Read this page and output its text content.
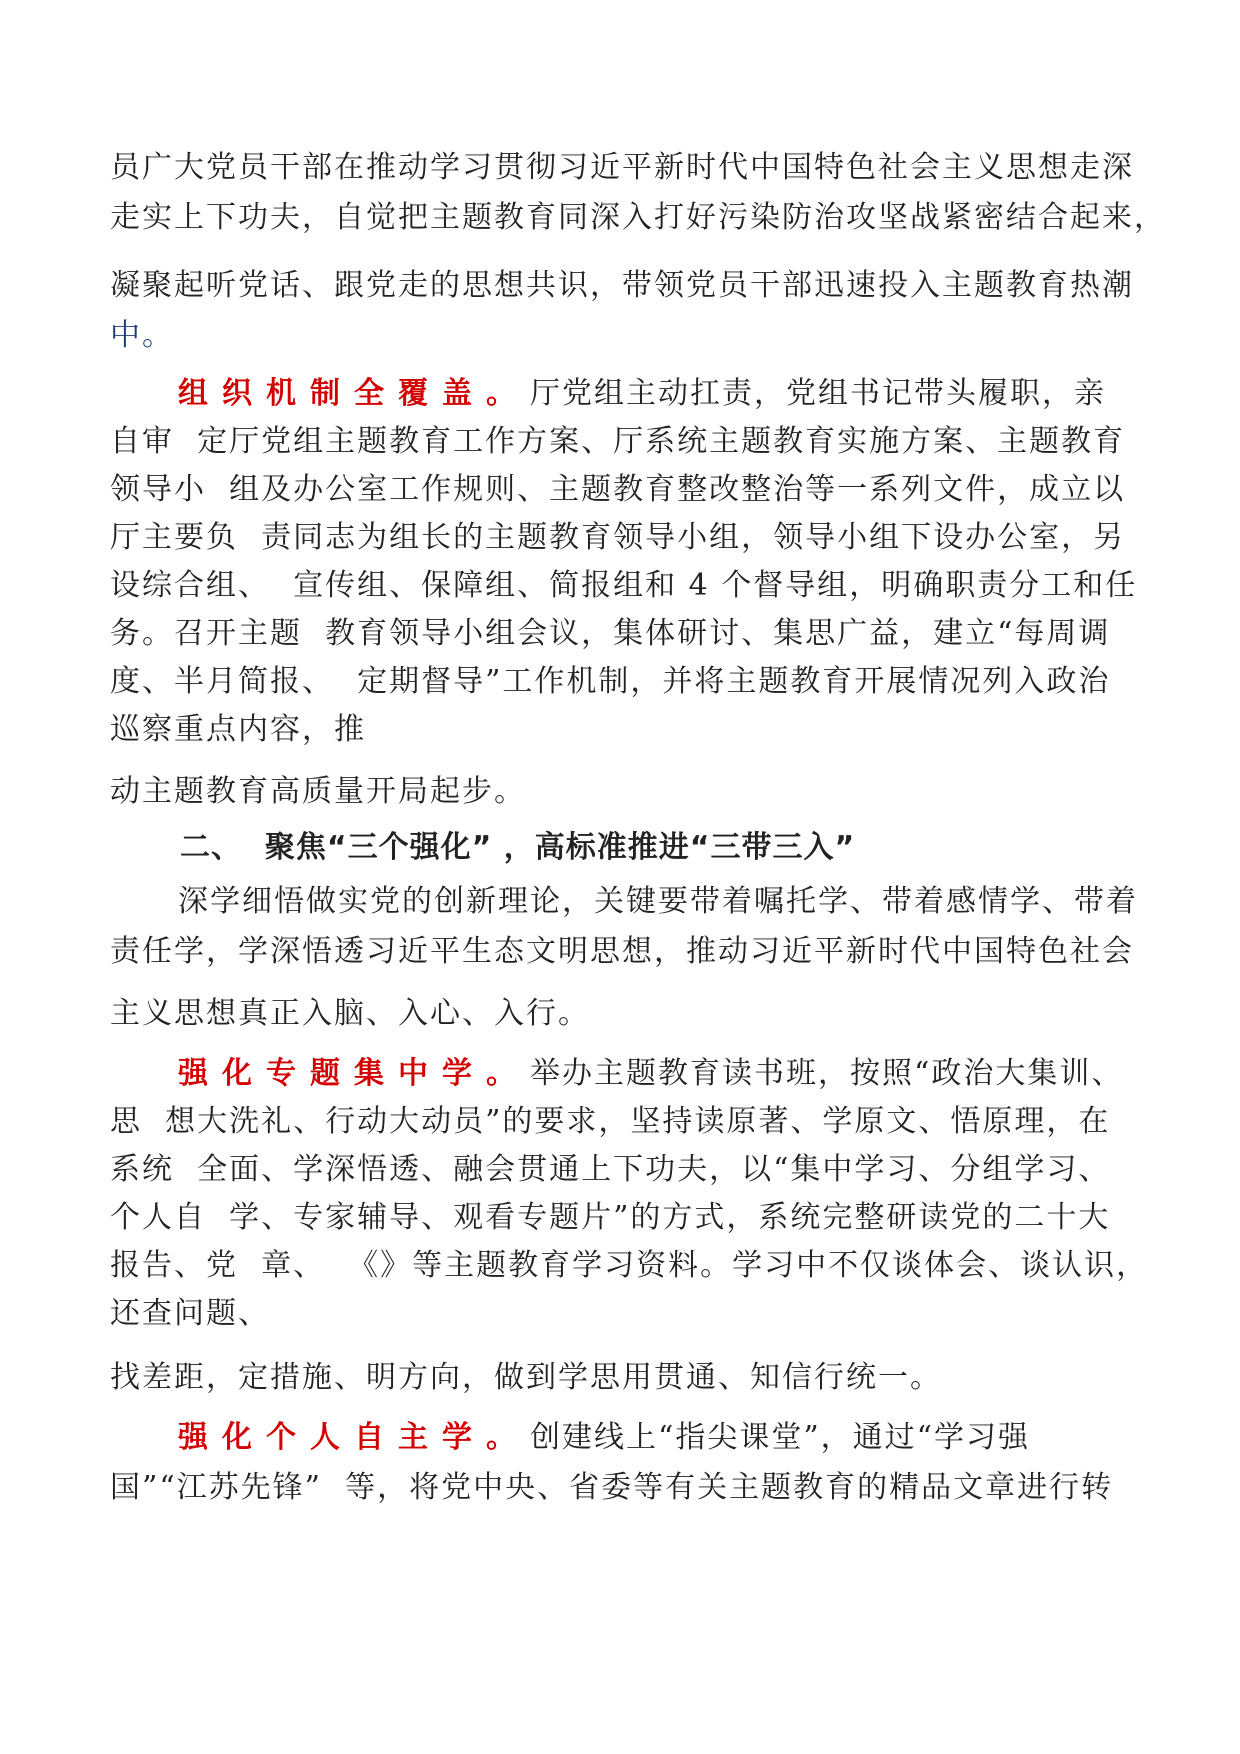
员广大党员干部在推动学习贯彻习近平新时代中国特色社会主义思想走深
走实上下功夫，自觉把主题教育同深入打好污染防治攻坚战紧密结合起来，
凝聚起听党话、跟党走的思想共识，带领党员干部迅速投入主题教育热潮
中。
组织机制全覆盖。厅党组主动扛责，党组书记带头履职，亲
自审  定厅党组主题教育工作方案、厅系统主题教育实施方案、主题教育
领导小  组及办公室工作规则、主题教育整改整治等一系列文件，成立以
厅主要负  责同志为组长的主题教育领导小组，领导小组下设办公室，另
设综合组、  宣传组、保障组、简报组和 4 个督导组，明确职责分工和任
务。召开主题  教育领导小组会议，集体研讨、集思广益，建立“每周调
度、半月简报、  定期督导”工作机制，并将主题教育开展情况列入政治
巡察重点内容，推
动主题教育高质量开局起步。
二、  聚焦“三个强化” ，高标准推进“三带三入”
深学细悟做实党的创新理论，关键要带着嘱托学、带着感情学、带着
责任学，学深悟透习近平生态文明思想，推动习近平新时代中国特色社会
主义思想真正入脑、入心、入行。
强化专题集中学。举办主题教育读书班，按照“政治大集训、
思  想大洗礼、行动大动员”的要求，坚持读原著、学原文、悟原理，在
系统  全面、学深悟透、融会贯通上下功夫，以“集中学习、分组学习、
个人自  学、专家辅导、观看专题片”的方式，系统完整研读党的二十大
报告、党  章、  《》等主题教育学习资料。学习中不仅谈体会、谈认识，
还查问题、
找差距，定措施、明方向，做到学思用贯通、知信行统一。
强化个人自主学。创建线上“指尖课堂”，通过“学习强
国”“江苏先锋”  等，将党中央、省委等有关主题教育的精品文章进行转
